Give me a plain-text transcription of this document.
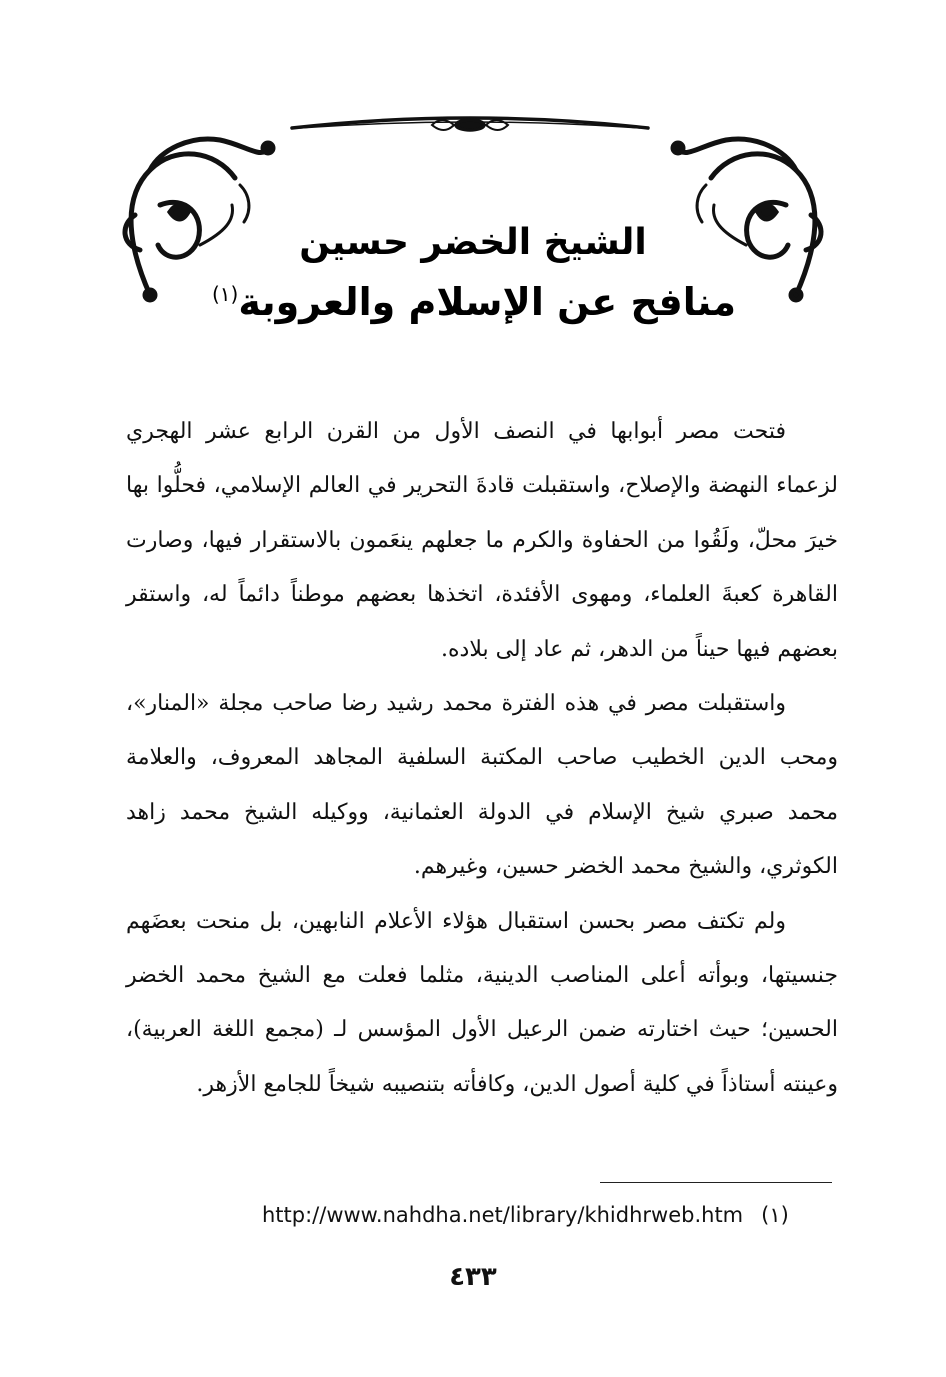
الشيخ الخضر حسين
منافح عن الإسلام والعروبة$^{(١)}$

فتحت مصر أبوابها في النصف الأول من القرن الرابع عشر الهجري لزعماء النهضة والإصلاح، واستقبلت قادةَ التحرير في العالم الإسلامي، فحلُّوا بها خيرَ محلّ، ولَقُوا من الحفاوة والكرم ما جعلهم ينعَمون بالاستقرار فيها، وصارت القاهرة كعبةَ العلماء، ومهوى الأفئدة، اتخذها بعضهم موطناً دائماً له، واستقر بعضهم فيها حيناً من الدهر، ثم عاد إلى بلاده.

واستقبلت مصر في هذه الفترة محمد رشيد رضا صاحب مجلة «المنار»، ومحب الدين الخطيب صاحب المكتبة السلفية المجاهد المعروف، والعلامة محمد صبري شيخ الإسلام في الدولة العثمانية، ووكيله الشيخ محمد زاهد الكوثري، والشيخ محمد الخضر حسين، وغيرهم.

ولم تكتف مصر بحسن استقبال هؤلاء الأعلام النابهين، بل منحت بعضَهم جنسيتها، وبوأته أعلى المناصب الدينية، مثلما فعلت مع الشيخ محمد الخضر الحسين؛ حيث اختارته ضمن الرعيل الأول المؤسس لـ (مجمع اللغة العربية)، وعينته أستاذاً في كلية أصول الدين، وكافأته بتنصيبه شيخاً للجامع الأزهر.

http://www.nahdha.net/library/khidhrweb.htm (١)
٤٣٣
